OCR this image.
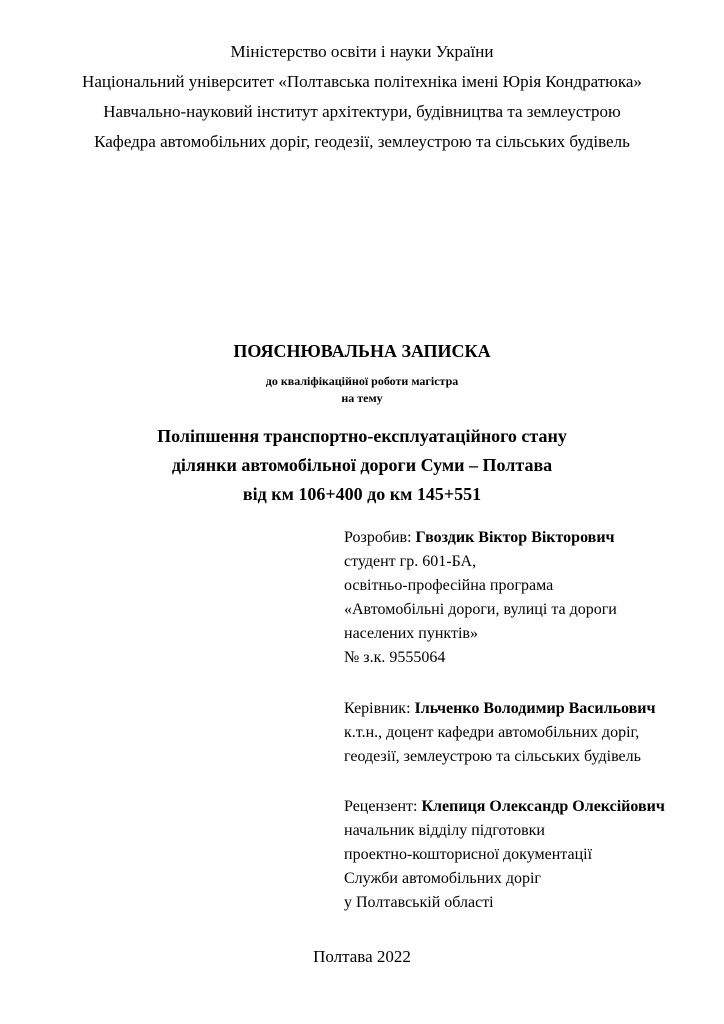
Міністерство освіти і науки України
Національний університет «Полтавська політехніка імені Юрія Кондратюка»
Навчально-науковий інститут архітектури, будівництва та землеустрою
Кафедра автомобільних доріг, геодезії, землеустрою та сільських будівель
ПОЯСНЮВАЛЬНА ЗАПИСКА
до кваліфікаційної роботи магістра
на тему
Поліпшення транспортно-експлуатаційного стану
ділянки автомобільної дороги Суми – Полтава
від км 106+400 до км 145+551
Розробив: Гвоздик Віктор Вікторович
студент гр. 601-БА,
освітньо-професійна програма
«Автомобільні дороги, вулиці та дороги
населених пунктів»
№ з.к. 9555064
Керівник: Ільченко Володимир Васильович
к.т.н., доцент кафедри автомобільних доріг,
геодезії, землеустрою та сільських будівель
Рецензент: Клепиця Олександр Олексійович
начальник відділу підготовки
проектно-кошторисної документації
Служби автомобільних доріг
у Полтавській області
Полтава 2022
